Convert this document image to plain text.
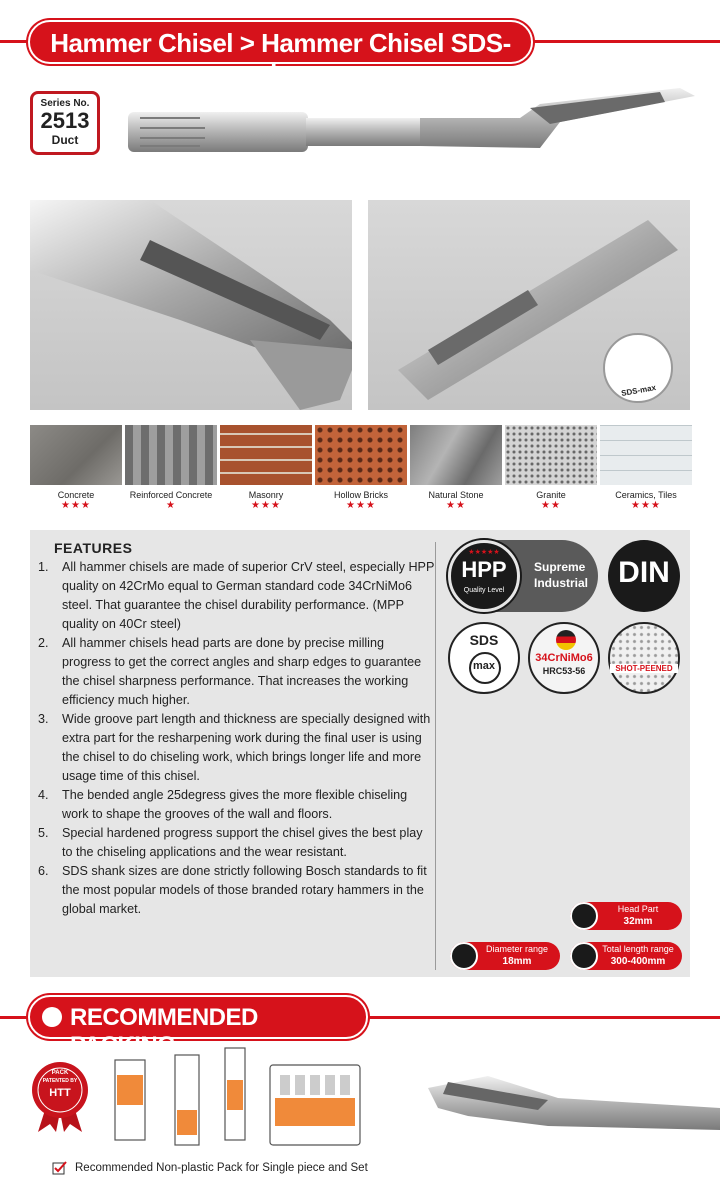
Hammer Chisel > Hammer Chisel SDS-plus
Series No.
2513
Duct
SDS-max
Concrete
★★★
Reinforced Concrete
★
Masonry
★★★
Hollow Bricks
★★★
Natural Stone
★★
Granite
★★
Ceramics, Tiles
★★★
FEATURES
1. All hammer chisels are made of superior CrV steel, especially HPP quality on 42CrMo equal to German standard code 34CrNiMo6 steel. That guarantee the chisel durability performance. (MPP quality on 40Cr steel)
2. All hammer chisels head parts are done by precise milling progress to get the correct angles and sharp edges to guarantee the chisel sharpness performance. That increases the working efficiency much higher.
3. Wide groove part length and thickness are specially designed with extra part for the resharpening work during the final user is using the chisel to do chiseling work, which brings longer life and more usage time of this chisel.
4. The bended angle 25degress gives the more flexible chiseling work to shape the grooves of the wall and floors.
5. Special hardened progress support the chisel gives the best play to the chiseling applications and the wear resistant.
6. SDS shank sizes are done strictly following Bosch standards to fit the most popular models of those branded rotary hammers in the global market.
Supreme
Industrial
★★★★★
HPP
Quality Level
DIN
SDS
max
34CrNiMo6
HRC53-56	SHOT-PEENED
Head Part
32mm
Diameter range
18mm
Total length range
300-400mm
RECOMMENDED PACKING
PACK
PATENTED BY
HTT
Recommended Non-plastic Pack for Single piece and Set
